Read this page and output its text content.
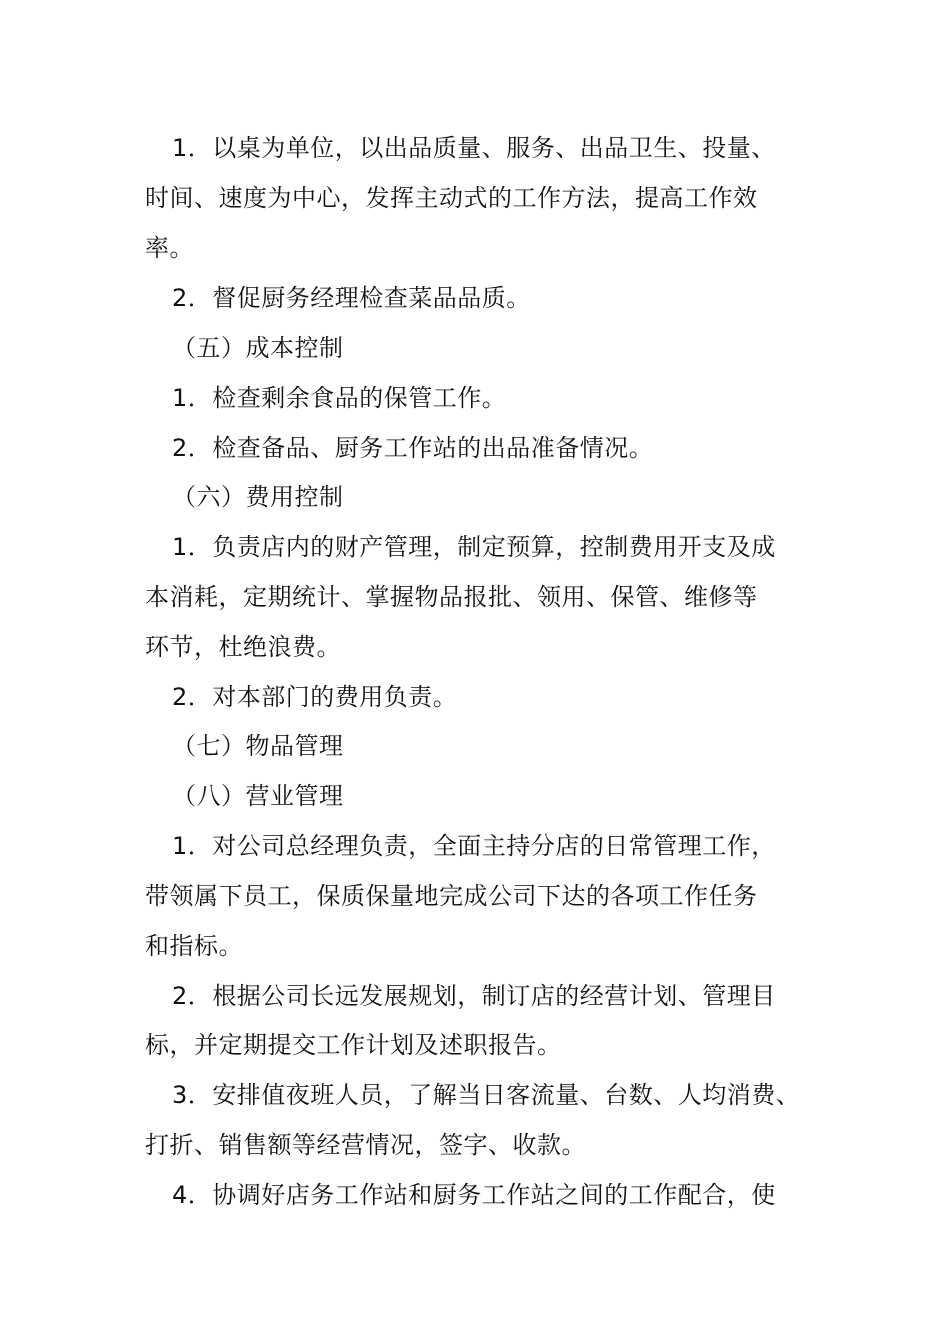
1．以桌为单位，以出品质量、服务、出品卫生、投量、
时间、速度为中心，发挥主动式的工作方法，提高工作效
率。
2．督促厨务经理检查菜品品质。
（五）成本控制
1．检查剩余食品的保管工作。
2．检查备品、厨务工作站的出品准备情况。
（六）费用控制
1．负责店内的财产管理，制定预算，控制费用开支及成
本消耗，定期统计、掌握物品报批、领用、保管、维修等
环节，杜绝浪费。
2．对本部门的费用负责。
（七）物品管理
（八）营业管理
1．对公司总经理负责，全面主持分店的日常管理工作，
带领属下员工，保质保量地完成公司下达的各项工作任务
和指标。
2．根据公司长远发展规划，制订店的经营计划、管理目
标，并定期提交工作计划及述职报告。
3．安排值夜班人员，了解当日客流量、台数、人均消费、
打折、销售额等经营情况，签字、收款。
4．协调好店务工作站和厨务工作站之间的工作配合，使
